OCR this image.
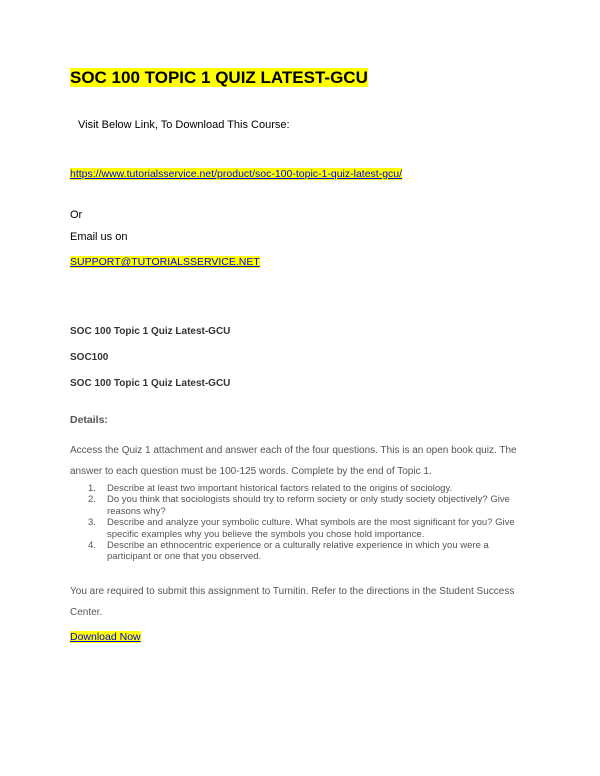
SOC 100 TOPIC 1 QUIZ LATEST-GCU
Visit Below Link, To Download This Course:
https://www.tutorialsservice.net/product/soc-100-topic-1-quiz-latest-gcu/
Or
Email us on
SUPPORT@TUTORIALSSERVICE.NET
SOC 100 Topic 1 Quiz Latest-GCU
SOC100
SOC 100 Topic 1 Quiz Latest-GCU
Details:
Access the Quiz 1 attachment and answer each of the four questions. This is an open book quiz. The answer to each question must be 100-125 words. Complete by the end of Topic 1.
1. Describe at least two important historical factors related to the origins of sociology.
2. Do you think that sociologists should try to reform society or only study society objectively? Give reasons why?
3. Describe and analyze your symbolic culture. What symbols are the most significant for you? Give specific examples why you believe the symbols you chose hold importance.
4. Describe an ethnocentric experience or a culturally relative experience in which you were a participant or one that you observed.
You are required to submit this assignment to Turnitin. Refer to the directions in the Student Success Center.
Download Now
